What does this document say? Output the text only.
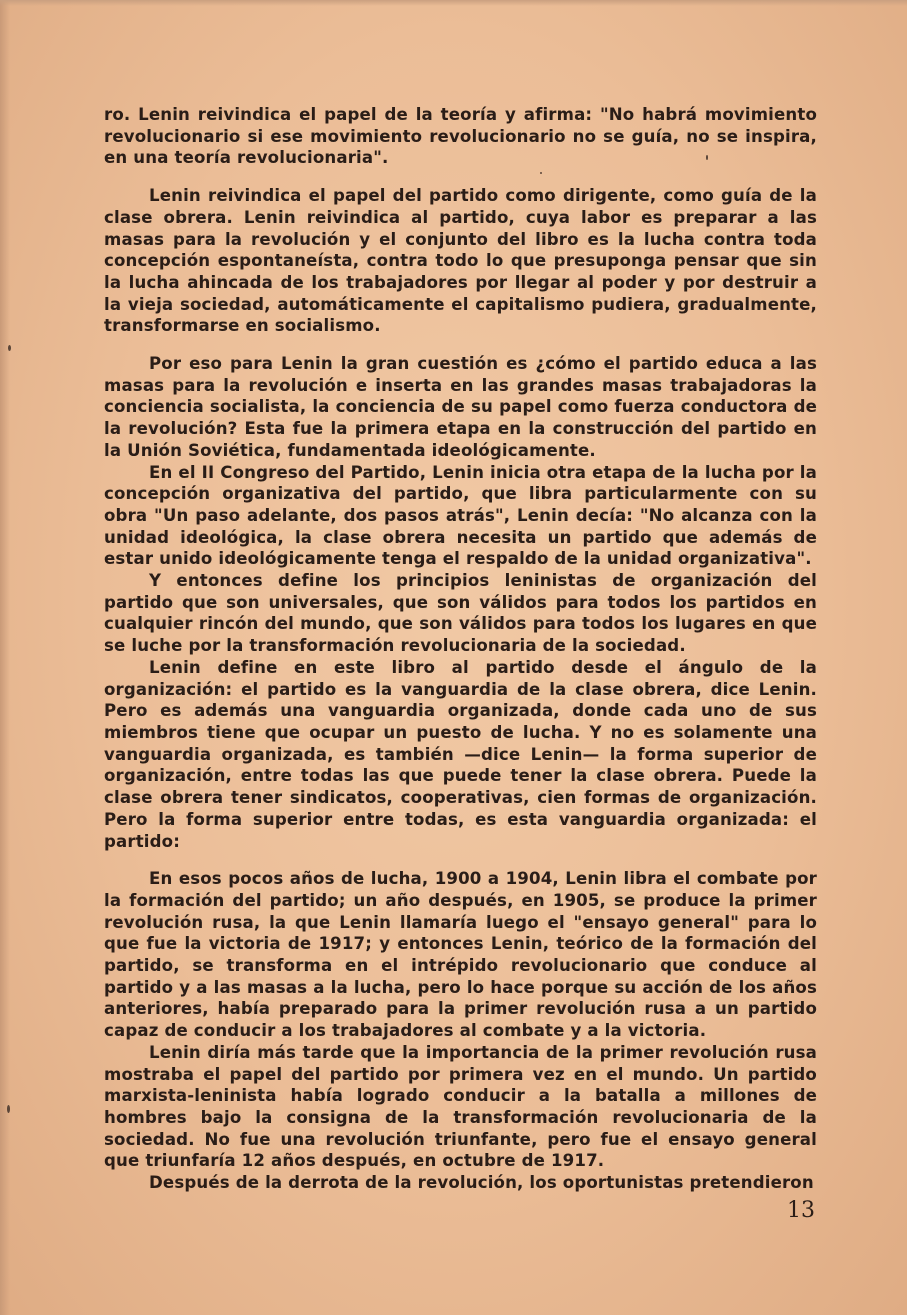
ro. Lenin reivindica el papel de la teoría y afirma: "No habrá movimiento revolucionario si ese movimiento revolucionario no se guía, no se inspira, en una teoría revolucionaria".

Lenin reivindica el papel del partido como dirigente, como guía de la clase obrera. Lenin reivindica al partido, cuya labor es preparar a las masas para la revolución y el conjunto del libro es la lucha contra toda concepción espontaneísta, contra todo lo que presuponga pensar que sin la lucha ahincada de los trabajadores por llegar al poder y por destruir a la vieja sociedad, automáticamente el capitalismo pudiera, gradualmente, transformarse en socialismo.

Por eso para Lenin la gran cuestión es ¿cómo el partido educa a las masas para la revolución e inserta en las grandes masas trabajadoras la conciencia socialista, la conciencia de su papel como fuerza conductora de la revolución? Esta fue la primera etapa en la construcción del partido en la Unión Soviética, fundamentada ideológicamente.

En el II Congreso del Partido, Lenin inicia otra etapa de la lucha por la concepción organizativa del partido, que libra particularmente con su obra "Un paso adelante, dos pasos atrás", Lenin decía: "No alcanza con la unidad ideológica, la clase obrera necesita un partido que además de estar unido ideológicamente tenga el respaldo de la unidad organizativa".

Y entonces define los principios leninistas de organización del partido que son universales, que son válidos para todos los partidos en cualquier rincón del mundo, que son válidos para todos los lugares en que se luche por la transformación revolucionaria de la sociedad.

Lenin define en este libro al partido desde el ángulo de la organización: el partido es la vanguardia de la clase obrera, dice Lenin. Pero es además una vanguardia organizada, donde cada uno de sus miembros tiene que ocupar un puesto de lucha. Y no es solamente una vanguardia organizada, es también —dice Lenin— la forma superior de organización, entre todas las que puede tener la clase obrera. Puede la clase obrera tener sindicatos, cooperativas, cien formas de organización. Pero la forma superior entre todas, es esta vanguardia organizada: el partido:

En esos pocos años de lucha, 1900 a 1904, Lenin libra el combate por la formación del partido; un año después, en 1905, se produce la primer revolución rusa, la que Lenin llamaría luego el "ensayo general" para lo que fue la victoria de 1917; y entonces Lenin, teórico de la formación del partido, se transforma en el intrépido revolucionario que conduce al partido y a las masas a la lucha, pero lo hace porque su acción de los años anteriores, había preparado para la primer revolución rusa a un partido capaz de conducir a los trabajadores al combate y a la victoria.

Lenin diría más tarde que la importancia de la primer revolución rusa mostraba el papel del partido por primera vez en el mundo. Un partido marxista-leninista había logrado conducir a la batalla a millones de hombres bajo la consigna de la transformación revolucionaria de la sociedad. No fue una revolución triunfante, pero fue el ensayo general que triunfaría 12 años después, en octubre de 1917.

Después de la derrota de la revolución, los oportunistas pretendieron

13
